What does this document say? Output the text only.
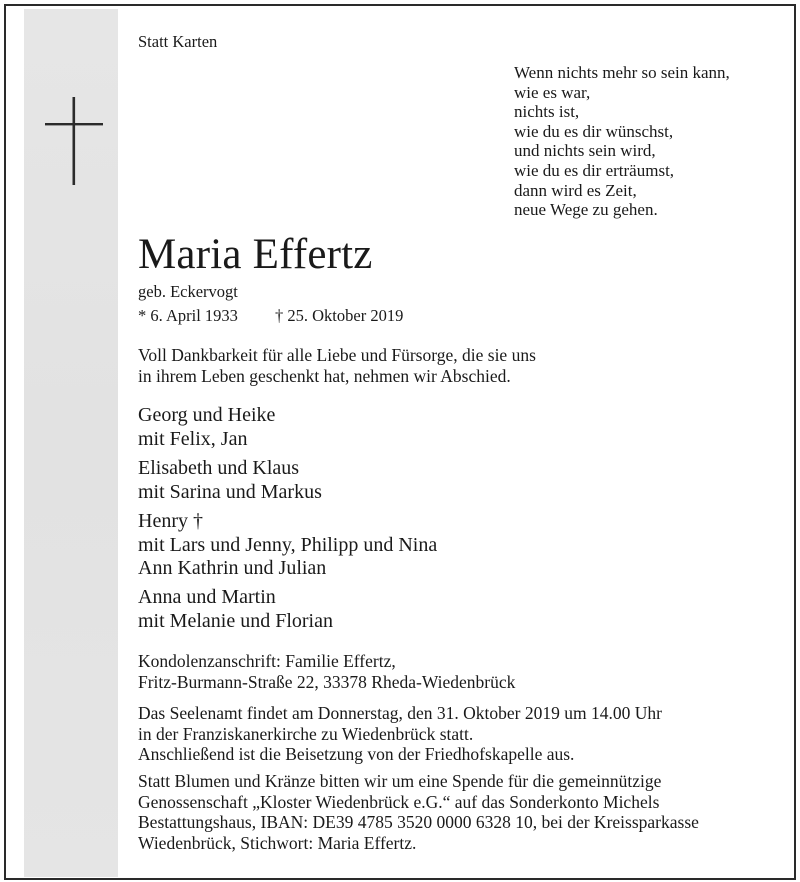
Statt Karten
Wenn nichts mehr so sein kann,
wie es war,
nichts ist,
wie du es dir wünschst,
und nichts sein wird,
wie du es dir erträumst,
dann wird es Zeit,
neue Wege zu gehen.
Maria Effertz
geb. Eckervogt
* 6. April 1933 † 25. Oktober 2019
Voll Dankbarkeit für alle Liebe und Fürsorge, die sie uns
in ihrem Leben geschenkt hat, nehmen wir Abschied.
Georg und Heike
mit Felix, Jan
Elisabeth und Klaus
mit Sarina und Markus
Henry †
mit Lars und Jenny, Philipp und Nina
Ann Kathrin und Julian
Anna und Martin
mit Melanie und Florian
Kondolenzanschrift: Familie Effertz,
Fritz-Burmann-Straße 22, 33378 Rheda-Wiedenbrück
Das Seelenamt findet am Donnerstag, den 31. Oktober 2019 um 14.00 Uhr
in der Franziskanerkirche zu Wiedenbrück statt.
Anschließend ist die Beisetzung von der Friedhofskapelle aus.
Statt Blumen und Kränze bitten wir um eine Spende für die gemeinnützige
Genossenschaft „Kloster Wiedenbrück e.G.“ auf das Sonderkonto Michels
Bestattungshaus, IBAN: DE39 4785 3520 0000 6328 10, bei der Kreissparkasse
Wiedenbrück, Stichwort: Maria Effertz.
